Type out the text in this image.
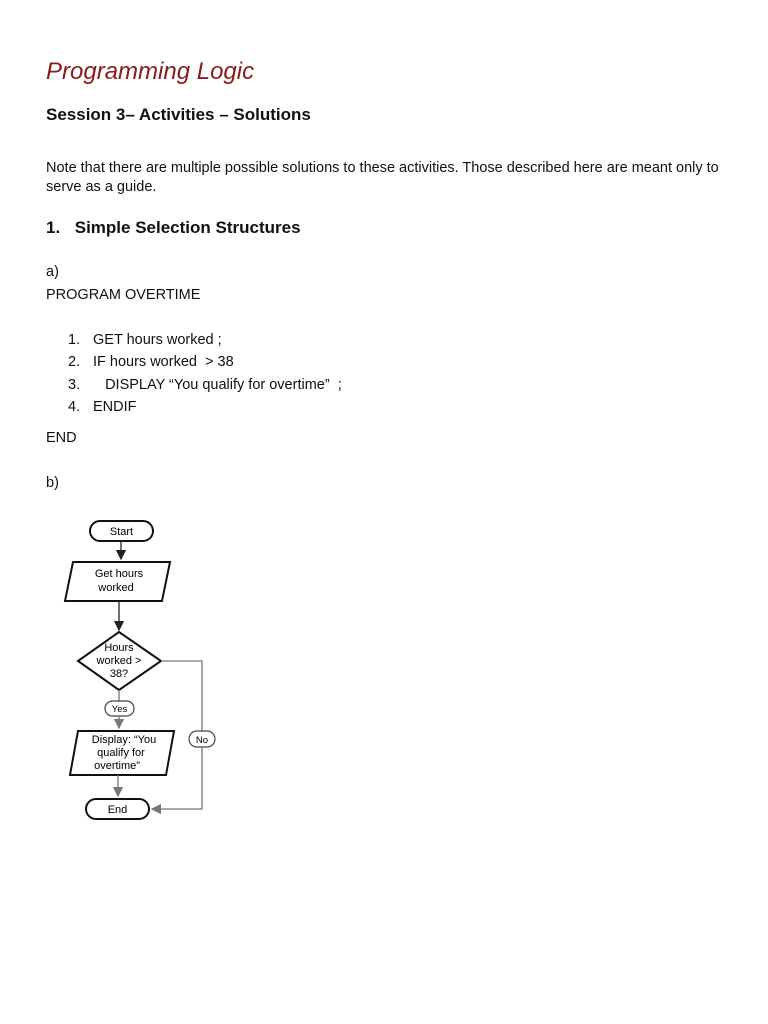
Programming Logic
Session 3– Activities – Solutions
Note that there are multiple possible solutions to these activities. Those described here are meant only to serve as a guide.
1. Simple Selection Structures
a)
PROGRAM OVERTIME
1. GET hours worked ;
2. IF hours worked  > 38
3.   DISPLAY “You qualify for overtime”  ;
4. ENDIF
END
b)
Start
Get hours
worked
Hours
worked >
38?
Yes
Display: “You
qualify for
overtime”
No
End
